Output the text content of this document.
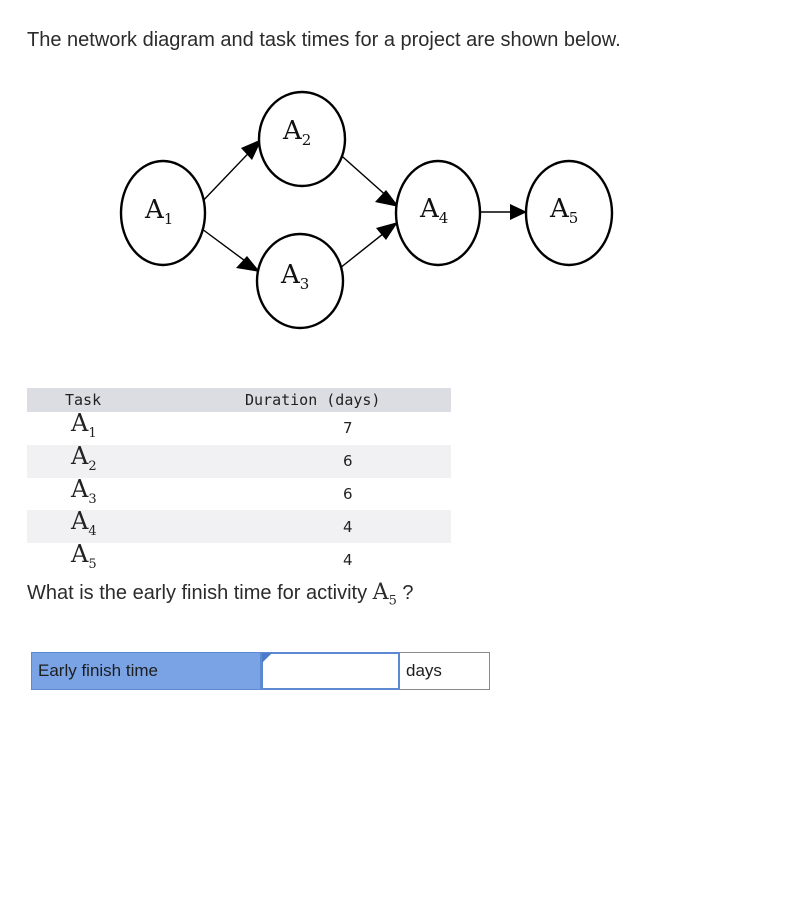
The network diagram and task times for a project are shown below.
$A_1$
$A_2$
$A_3$
$A_4$	$A_5$
Task	Duration (days)
$A_1$	7
$A_2$	6
$A_3$	6
$A_4$	4
$A_5$	4
What is the early finish time for activity $A_5$ ?
Early finish time	days
